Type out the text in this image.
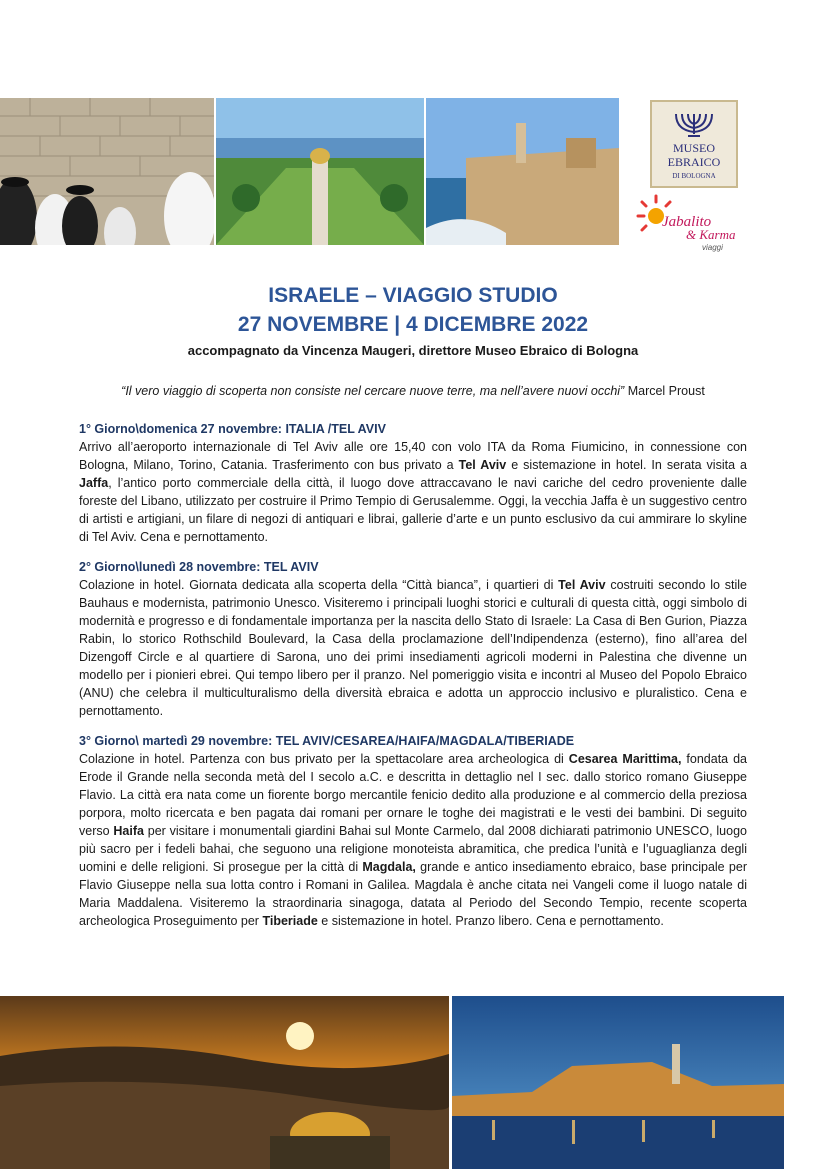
MUSEO
EBRAICO
DI BOLOGNA
Jabalito
& Karma
viaggi
ISRAELE – VIAGGIO STUDIO
27 NOVEMBRE | 4 DICEMBRE 2022
accompagnato da Vincenza Maugeri, direttore Museo Ebraico di Bologna
“Il vero viaggio di scoperta non consiste nel cercare nuove terre, ma nell’avere nuovi occhi” Marcel Proust

1° Giorno\domenica 27 novembre: ITALIA /TEL AVIV

Arrivo all’aeroporto internazionale di Tel Aviv alle ore 15,40 con volo ITA da Roma Fiumicino, in connessione con Bologna, Milano, Torino, Catania. Trasferimento con bus privato a Tel Aviv e sistemazione in hotel. In serata visita a Jaffa, l’antico porto commerciale della città, il luogo dove attraccavano le navi cariche del cedro proveniente dalle foreste del Libano, utilizzato per costruire il Primo Tempio di Gerusalemme. Oggi, la vecchia Jaffa è un suggestivo centro di artisti e artigiani, un filare di negozi di antiquari e librai, gallerie d’arte e un punto esclusivo da cui ammirare lo skyline di Tel Aviv. Cena e pernottamento.

2° Giorno\lunedì 28 novembre: TEL AVIV

Colazione in hotel. Giornata dedicata alla scoperta della “Città bianca”, i quartieri di Tel Aviv costruiti secondo lo stile Bauhaus e modernista, patrimonio Unesco. Visiteremo i principali luoghi storici e culturali di questa città, oggi simbolo di modernità e progresso e di fondamentale importanza per la nascita dello Stato di Israele: La Casa di Ben Gurion, Piazza Rabin, lo storico Rothschild Boulevard, la Casa della proclamazione dell’Indipendenza (esterno), fino all’area del Dizengoff Circle e al quartiere di Sarona, uno dei primi insediamenti agricoli moderni in Palestina che divenne un modello per i pionieri ebrei. Qui tempo libero per il pranzo. Nel pomeriggio visita e incontri al Museo del Popolo Ebraico (ANU) che celebra il multiculturalismo della diversità ebraica e adotta un approccio inclusivo e pluralistico. Cena e pernottamento.

3° Giorno\ martedì 29 novembre: TEL AVIV/CESAREA/HAIFA/MAGDALA/TIBERIADE

Colazione in hotel. Partenza con bus privato per la spettacolare area archeologica di Cesarea Marittima, fondata da Erode il Grande nella seconda metà del I secolo a.C. e descritta in dettaglio nel I sec. dallo storico romano Giuseppe Flavio. La città era nata come un fiorente borgo mercantile fenicio dedito alla produzione e al commercio della preziosa porpora, molto ricercata e ben pagata dai romani per ornare le toghe dei magistrati e le vesti dei bambini. Di seguito verso Haifa per visitare i monumentali giardini Bahai sul Monte Carmelo, dal 2008 dichiarati patrimonio UNESCO, luogo più sacro per i fedeli bahai, che seguono una religione monoteista abramitica, che predica l’unità e l’uguaglianza degli uomini e delle religioni. Si prosegue per la città di Magdala, grande e antico insediamento ebraico, base principale per Flavio Giuseppe nella sua lotta contro i Romani in Galilea. Magdala è anche citata nei Vangeli come il luogo natale di Maria Maddalena. Visiteremo la straordinaria sinagoga, datata al Periodo del Secondo Tempio, recente scoperta archeologica Proseguimento per Tiberiade e sistemazione in hotel. Pranzo libero. Cena e pernottamento.
